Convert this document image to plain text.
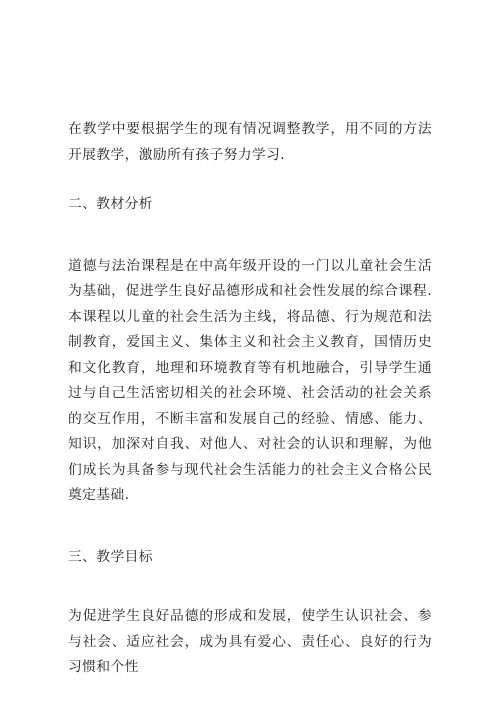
在教学中要根据学生的现有情况调整教学，用不同的方法开展教学，激励所有孩子努力学习.

二、教材分析

道德与法治课程是在中高年级开设的一门以儿童社会生活为基础，促进学生良好品德形成和社会性发展的综合课程. 本课程以儿童的社会生活为主线，将品德、行为规范和法制教育，爱国主义、集体主义和社会主义教育，国情历史和文化教育，地理和环境教育等有机地融合，引导学生通过与自己生活密切相关的社会环境、社会活动的社会关系的交互作用，不断丰富和发展自己的经验、情感、能力、知识，加深对自我、对他人、对社会的认识和理解，为他们成长为具备参与现代社会生活能力的社会主义合格公民奠定基础.

三、教学目标

为促进学生良好品德的形成和发展，使学生认识社会、参与社会、适应社会，成为具有爱心、责任心、良好的行为习惯和个性
